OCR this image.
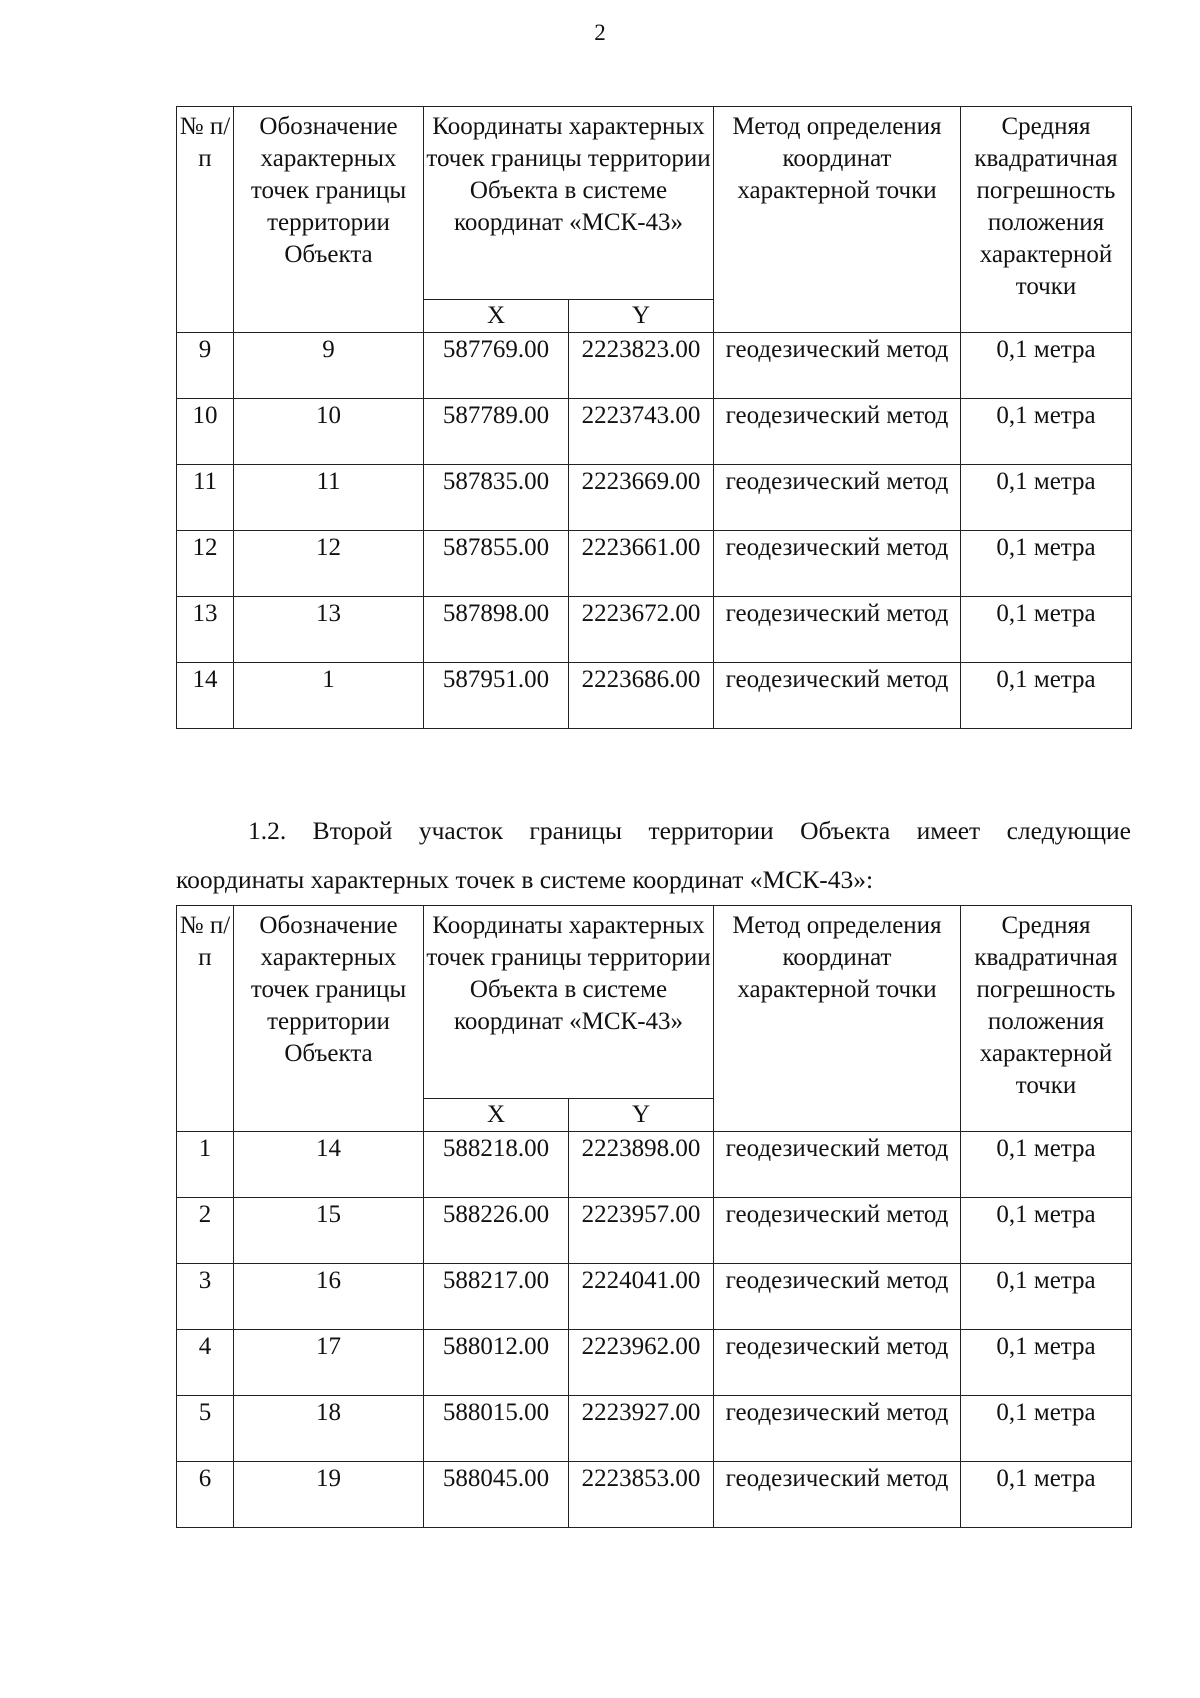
2
№ п/п	Обозначение характерных точек границы территории Объекта	Координаты характерных точек границы территории Объекта в системе координат «МСК-43»		Метод определения координат характерной точки	Средняя квадратичная погрешность положения характерной точки
		X	Y		
9	9	587769.00	2223823.00	геодезический метод	0,1 метра
10	10	587789.00	2223743.00	геодезический метод	0,1 метра
11	11	587835.00	2223669.00	геодезический метод	0,1 метра
12	12	587855.00	2223661.00	геодезический метод	0,1 метра
13	13	587898.00	2223672.00	геодезический метод	0,1 метра
14	1	587951.00	2223686.00	геодезический метод	0,1 метра
1.2. Второй участок границы территории Объекта имеет следующие
координаты характерных точек в системе координат «МСК-43»:
№ п/п	Обозначение характерных точек границы территории Объекта	Координаты характерных точек границы территории Объекта в системе координат «МСК-43»		Метод определения координат характерной точки	Средняя квадратичная погрешность положения характерной точки
		X	Y		
1	14	588218.00	2223898.00	геодезический метод	0,1 метра
2	15	588226.00	2223957.00	геодезический метод	0,1 метра
3	16	588217.00	2224041.00	геодезический метод	0,1 метра
4	17	588012.00	2223962.00	геодезический метод	0,1 метра
5	18	588015.00	2223927.00	геодезический метод	0,1 метра
6	19	588045.00	2223853.00	геодезический метод	0,1 метра
